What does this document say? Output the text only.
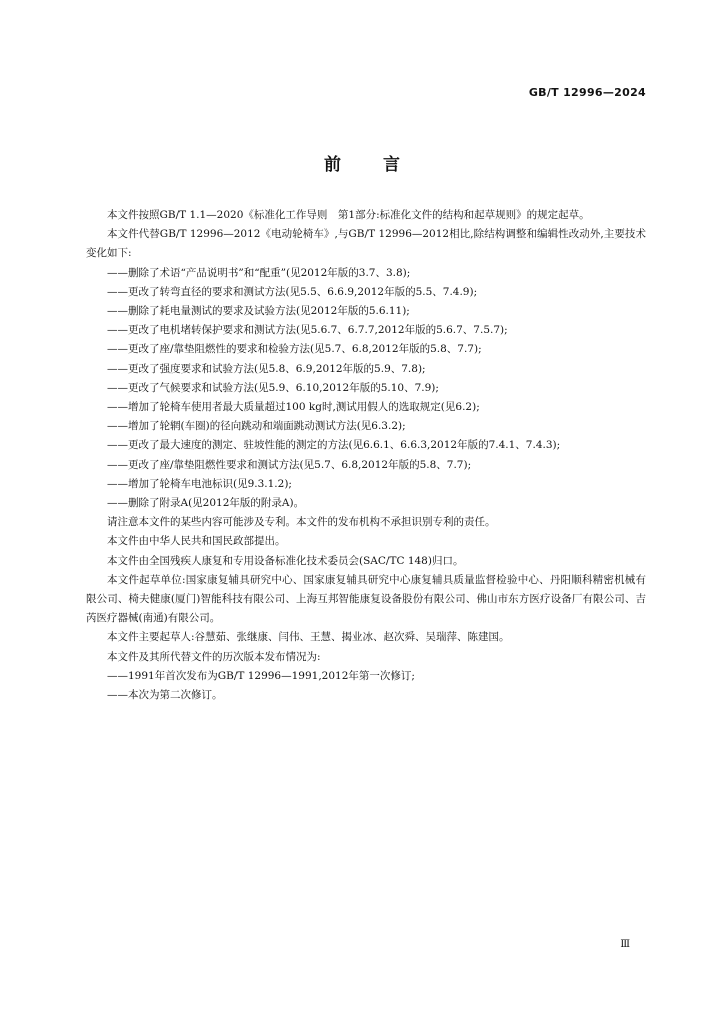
GB/T 12996—2024
前言

本文件按照GB/T 1.1—2020《标准化工作导则　第1部分:标准化文件的结构和起草规则》的规定起草。

本文件代替GB/T 12996—2012《电动轮椅车》,与GB/T 12996—2012相比,除结构调整和编辑性改动外,主要技术变化如下:

——删除了术语“产品说明书”和“配重”(见2012年版的3.7、3.8);

——更改了转弯直径的要求和测试方法(见5.5、6.6.9,2012年版的5.5、7.4.9);

——删除了耗电量测试的要求及试验方法(见2012年版的5.6.11);

——更改了电机堵转保护要求和测试方法(见5.6.7、6.7.7,2012年版的5.6.7、7.5.7);

——更改了座/靠垫阻燃性的要求和检验方法(见5.7、6.8,2012年版的5.8、7.7);

——更改了强度要求和试验方法(见5.8、6.9,2012年版的5.9、7.8);

——更改了气候要求和试验方法(见5.9、6.10,2012年版的5.10、7.9);

——增加了轮椅车使用者最大质量超过100 kg时,测试用假人的选取规定(见6.2);

——增加了轮辋(车圈)的径向跳动和端面跳动测试方法(见6.3.2);

——更改了最大速度的测定、驻坡性能的测定的方法(见6.6.1、6.6.3,2012年版的7.4.1、7.4.3);

——更改了座/靠垫阻燃性要求和测试方法(见5.7、6.8,2012年版的5.8、7.7);

——增加了轮椅车电池标识(见9.3.1.2);

——删除了附录A(见2012年版的附录A)。

请注意本文件的某些内容可能涉及专利。本文件的发布机构不承担识别专利的责任。

本文件由中华人民共和国民政部提出。

本文件由全国残疾人康复和专用设备标准化技术委员会(SAC/TC 148)归口。

本文件起草单位:国家康复辅具研究中心、国家康复辅具研究中心康复辅具质量监督检验中心、丹阳顺科精密机械有限公司、椅夫健康(厦门)智能科技有限公司、上海互邦智能康复设备股份有限公司、佛山市东方医疗设备厂有限公司、吉芮医疗器械(南通)有限公司。

本文件主要起草人:谷慧茹、张继康、闫伟、王慧、揭业冰、赵次舜、吴瑞萍、陈建国。

本文件及其所代替文件的历次版本发布情况为:

——1991年首次发布为GB/T 12996—1991,2012年第一次修订;

——本次为第二次修订。

Ⅲ
